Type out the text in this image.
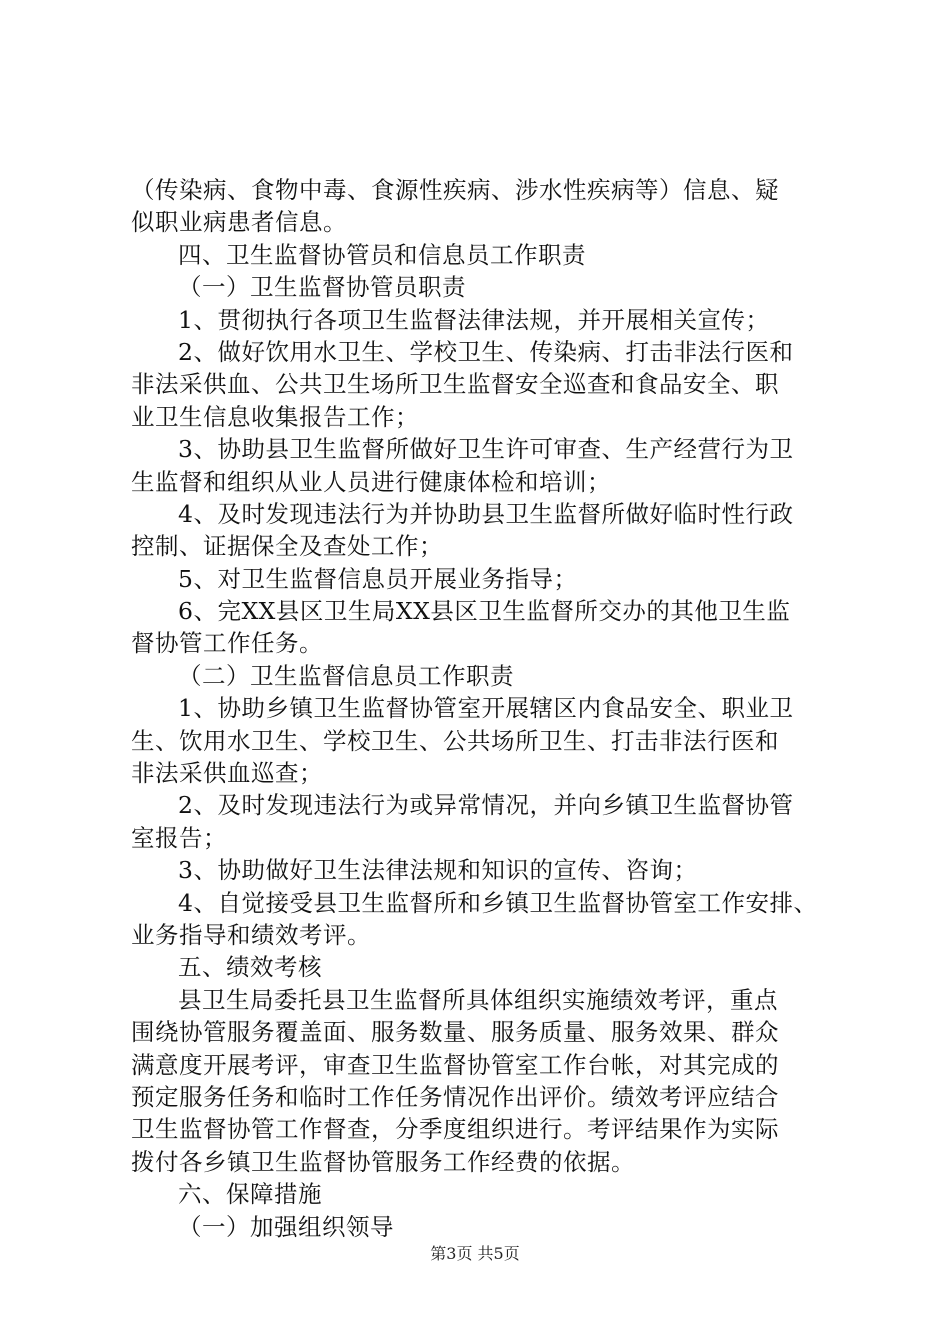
（传染病、食物中毒、食源性疾病、涉水性疾病等）信息、疑
似职业病患者信息。
四、卫生监督协管员和信息员工作职责
（一）卫生监督协管员职责
1、贯彻执行各项卫生监督法律法规，并开展相关宣传；
2、做好饮用水卫生、学校卫生、传染病、打击非法行医和
非法采供血、公共卫生场所卫生监督安全巡查和食品安全、职
业卫生信息收集报告工作；
3、协助县卫生监督所做好卫生许可审查、生产经营行为卫
生监督和组织从业人员进行健康体检和培训；
4、及时发现违法行为并协助县卫生监督所做好临时性行政
控制、证据保全及查处工作；
5、对卫生监督信息员开展业务指导；
6、完XX县区卫生局XX县区卫生监督所交办的其他卫生监
督协管工作任务。
（二）卫生监督信息员工作职责
1、协助乡镇卫生监督协管室开展辖区内食品安全、职业卫
生、饮用水卫生、学校卫生、公共场所卫生、打击非法行医和
非法采供血巡查；
2、及时发现违法行为或异常情况，并向乡镇卫生监督协管
室报告；
3、协助做好卫生法律法规和知识的宣传、咨询；
4、自觉接受县卫生监督所和乡镇卫生监督协管室工作安排、
业务指导和绩效考评。
五、绩效考核
县卫生局委托县卫生监督所具体组织实施绩效考评，重点
围绕协管服务覆盖面、服务数量、服务质量、服务效果、群众
满意度开展考评，审查卫生监督协管室工作台帐，对其完成的
预定服务任务和临时工作任务情况作出评价。绩效考评应结合
卫生监督协管工作督查，分季度组织进行。考评结果作为实际
拨付各乡镇卫生监督协管服务工作经费的依据。
六、保障措施
（一）加强组织领导
第3页 共5页
